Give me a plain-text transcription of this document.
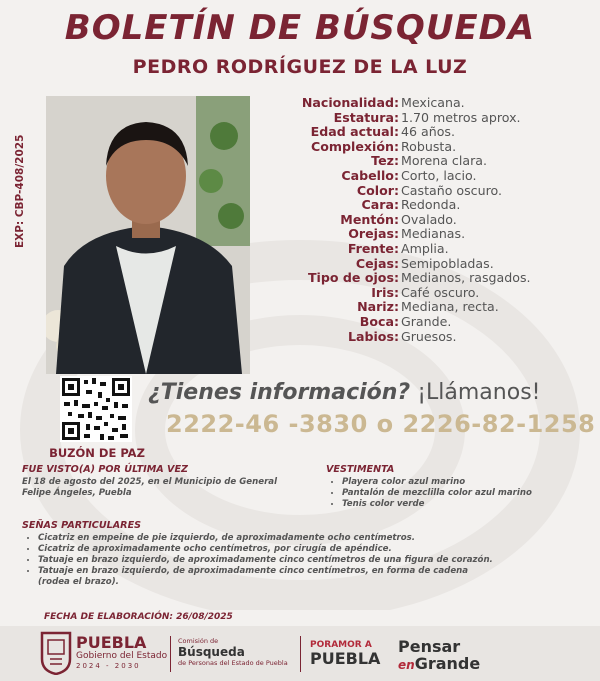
BOLETÍN DE BÚSQUEDA
PEDRO RODRÍGUEZ DE LA LUZ
EXP: CBP-408/2025
Nacionalidad: Mexicana.
Estatura: 1.70 metros aprox.
Edad actual: 46 años.
Complexión: Robusta.
Tez: Morena clara.
Cabello: Corto, lacio.
Color: Castaño oscuro.
Cara: Redonda.
Mentón: Ovalado.
Orejas: Medianas.
Frente: Amplia.
Cejas: Semipobladas.
Tipo de ojos: Medianos, rasgados.
Iris: Café oscuro.
Nariz: Mediana, recta.
Boca: Grande.
Labios: Gruesos.
BUZÓN DE PAZ
¿Tienes información? ¡Llámanos!
2222-46 -3830 o 2226-82-1258
FUE VISTO(A) POR ÚLTIMA VEZ
El 18 de agosto del 2025, en el Municipio de General Felipe Ángeles, Puebla
VESTIMENTA
• Playera color azul marino
• Pantalón de mezclilla color azul marino
• Tenis color verde
SEÑAS PARTICULARES
• Cicatriz en empeine de pie izquierdo, de aproximadamente ocho centímetros.
• Cicatriz de aproximadamente ocho centímetros, por cirugía de apéndice.
• Tatuaje en brazo izquierdo, de aproximadamente cinco centímetros de una figura de corazón.
• Tatuaje en brazo izquierdo, de aproximadamente cinco centímetros, en forma de cadena (rodea el brazo).
FECHA DE ELABORACIÓN: 26/08/2025
PUEBLA
Gobierno del Estado
2024 - 2030
Comisión de
Búsqueda
de Personas del Estado de Puebla
PORAMOR A
PUEBLA
Pensar
enGrande
